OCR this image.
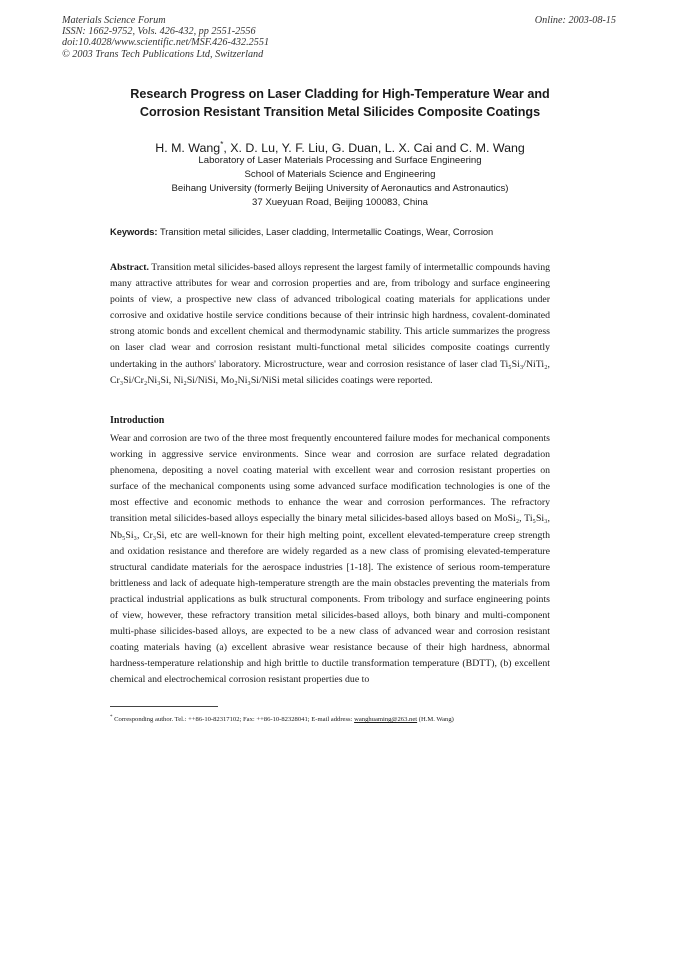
Materials Science Forum
ISSN: 1662-9752, Vols. 426-432, pp 2551-2556
doi:10.4028/www.scientific.net/MSF.426-432.2551
© 2003 Trans Tech Publications Ltd, Switzerland
Online: 2003-08-15
Research Progress on Laser Cladding for High-Temperature Wear and
Corrosion Resistant Transition Metal Silicides Composite Coatings
H. M. Wang*, X. D. Lu, Y. F. Liu, G. Duan, L. X. Cai and C. M. Wang
Laboratory of Laser Materials Processing and Surface Engineering
School of Materials Science and Engineering
Beihang University (formerly Beijing University of Aeronautics and Astronautics)
37 Xueyuan Road, Beijing 100083, China
Keywords: Transition metal silicides, Laser cladding, Intermetallic Coatings, Wear, Corrosion
Abstract. Transition metal silicides-based alloys represent the largest family of intermetallic compounds having many attractive attributes for wear and corrosion properties and are, from tribology and surface engineering points of view, a prospective new class of advanced tribological coating materials for applications under corrosive and oxidative hostile service conditions because of their intrinsic high hardness, covalent-dominated strong atomic bonds and excellent chemical and thermodynamic stability. This article summarizes the progress on laser clad wear and corrosion resistant multi-functional metal silicides composite coatings currently undertaking in the authors' laboratory. Microstructure, wear and corrosion resistance of laser clad Ti₅Si₃/NiTi₂, Cr₃Si/Cr₂Ni₃Si, Ni₂Si/NiSi, Mo₂Ni₃Si/NiSi metal silicides coatings were reported.
Introduction
Wear and corrosion are two of the three most frequently encountered failure modes for mechanical components working in aggressive service environments. Since wear and corrosion are surface related degradation phenomena, depositing a novel coating material with excellent wear and corrosion resistant properties on surface of the mechanical components using some advanced surface modification technologies is one of the most effective and economic methods to enhance the wear and corrosion performances. The refractory transition metal silicides-based alloys especially the binary metal silicides-based alloys based on MoSi₂, Ti₅Si₃, Nb₅Si₃, Cr₃Si, etc are well-known for their high melting point, excellent elevated-temperature creep strength and oxidation resistance and therefore are widely regarded as a new class of promising elevated-temperature structural candidate materials for the aerospace industries [1-18]. The existence of serious room-temperature brittleness and lack of adequate high-temperature strength are the main obstacles preventing the materials from practical industrial applications as bulk structural components. From tribology and surface engineering points of view, however, these refractory transition metal silicides-based alloys, both binary and multi-component multi-phase silicides-based alloys, are expected to be a new class of advanced wear and corrosion resistant coating materials having (a) excellent abrasive wear resistance because of their high hardness, abnormal hardness-temperature relationship and high brittle to ductile transformation temperature (BDTT), (b) excellent chemical and electrochemical corrosion resistant properties due to
* Corresponding author. Tel.: ++86-10-82317102; Fax: ++86-10-82328041; E-mail address: wanghuaming@263.net (H.M. Wang)
